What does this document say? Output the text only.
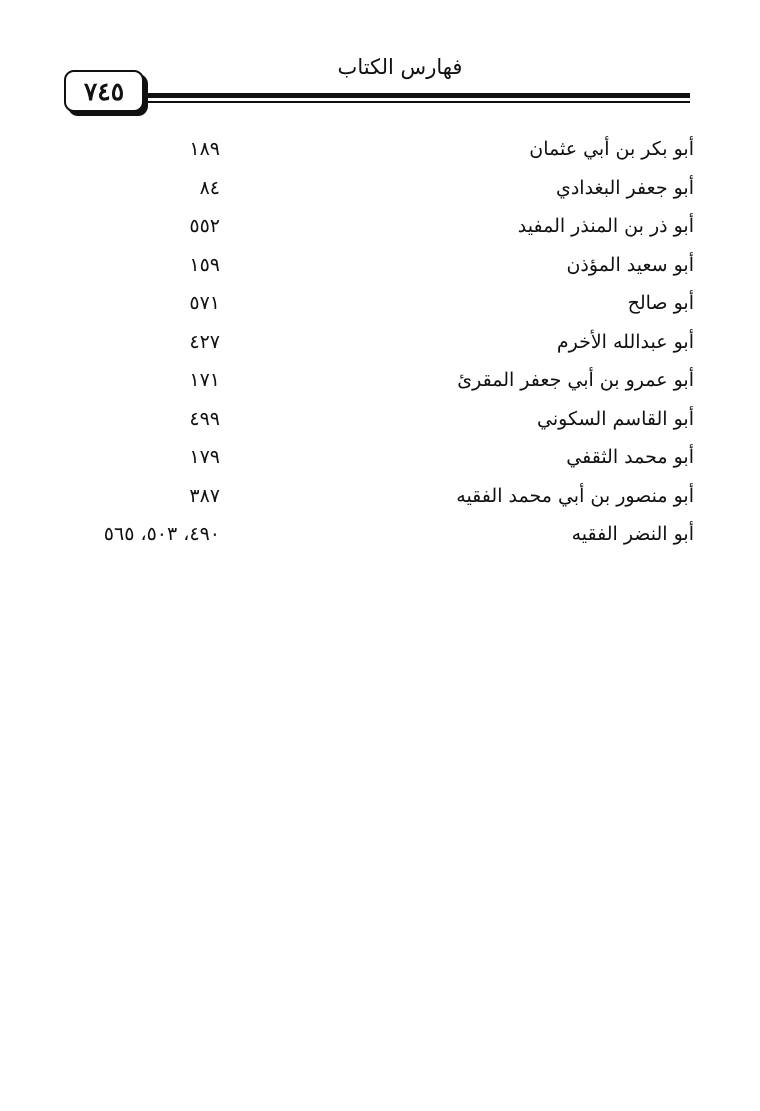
فهارس الكتاب
٧٤٥
أبو بكر بن أبي عثمان
١٨٩
أبو جعفر البغدادي
٨٤
أبو ذر بن المنذر المفيد
٥٥٢
أبو سعيد المؤذن
١٥٩
أبو صالح
٥٧١
أبو عبدالله الأخرم
٤٢٧
أبو عمرو بن أبي جعفر المقرئ
١٧١
أبو القاسم السكوني
٤٩٩
أبو محمد الثقفي
١٧٩
أبو منصور بن أبي محمد الفقيه
٣٨٧
أبو النضر الفقيه
٤٩٠، ٥٠٣، ٥٦٥
